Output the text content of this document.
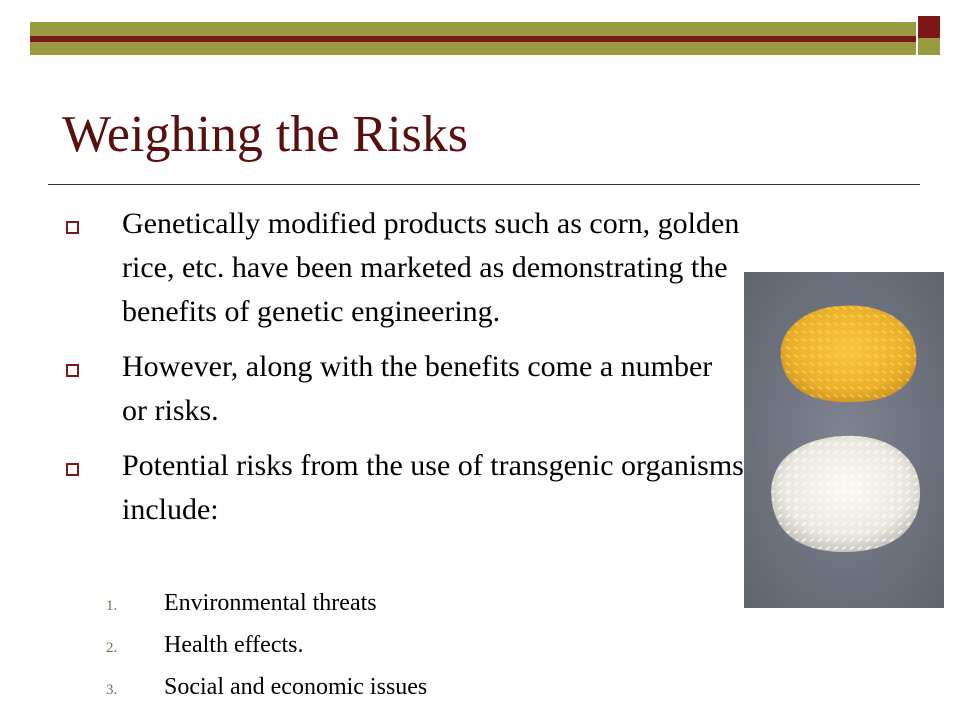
Weighing the Risks
Genetically modified products such as corn, golden rice, etc. have been marketed as demonstrating the benefits of genetic engineering.
However, along with the benefits come a number or risks.
Potential risks from the use of transgenic organisms include:
1. Environmental threats
2. Health effects.
3. Social and economic issues
